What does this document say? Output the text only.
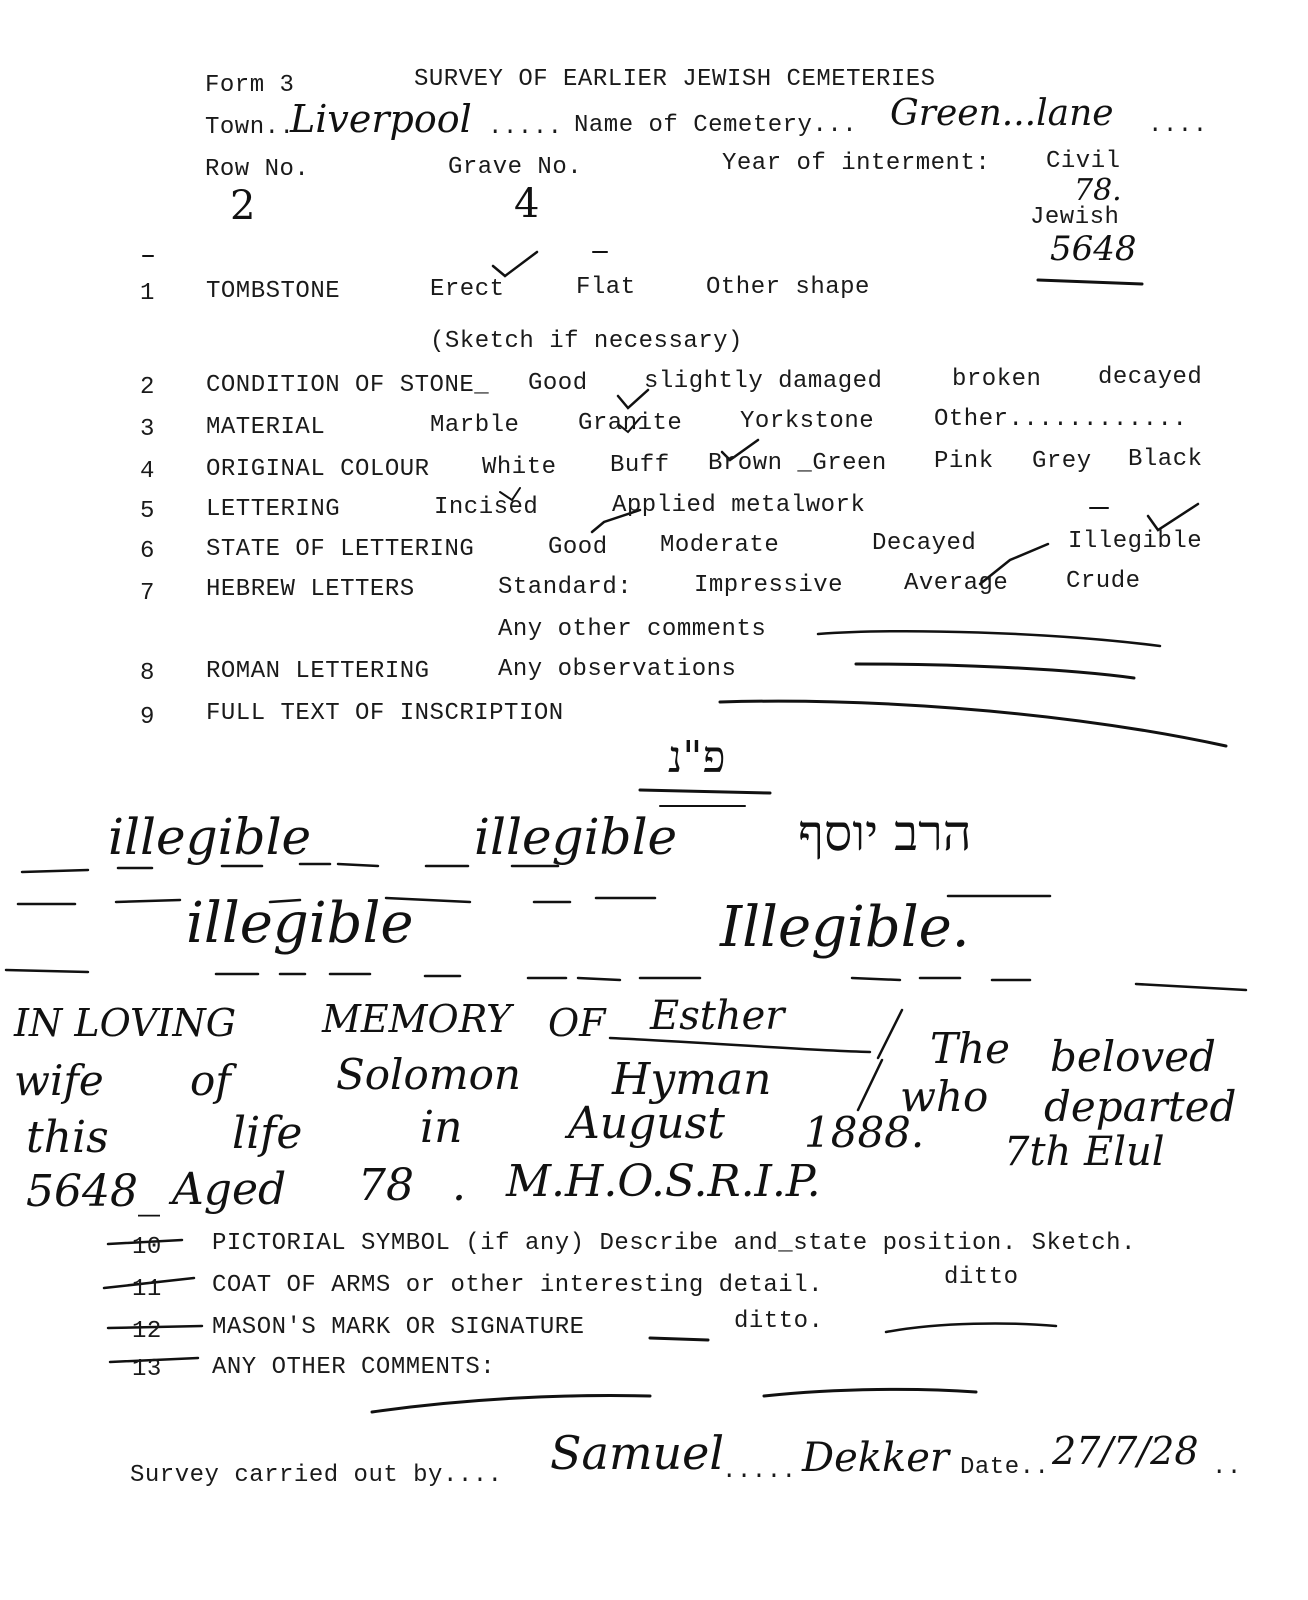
Form 3	SURVEY OF EARLIER JEWISH CEMETERIES
Town..
Liverpool ..... Name of Cemetery... Green...lane ....
Row No.
2
Grave No.
4
Year of interment: Civil
78.
Jewish
5648
1 TOMBSTONE	Erect	Flat	Other shape
(Sketch if necessary)
2 CONDITION OF STONE_ Good slightly damaged	broken decayed
3 MATERIAL	Marble Granite Yorkstone Other............
4 ORIGINAL COLOUR White Buff Brown _Green Pink Grey Black
5 LETTERING	Incised	Applied metalwork
6 STATE OF LETTERING	Good Moderate	Decayed	Illegible
7 HEBREW LETTERS	Standard:	Impressive	Average Crude
Any other comments
8 ROMAN LETTERING	Any observations
9 FULL TEXT OF INSCRIPTION
פ"נ
illegible	illegible הרב יוסף
illegible	Illegible.
IN LOVING MEMORY OF Esther
The beloved
wife of	Solomon Hyman	who departed
this	life	in August 1888. 7th Elul
5648_ Aged 78 . M.H.O.S.R.I.P.
10 PICTORIAL SYMBOL (if any) Describe and_state position. Sketch.
11 COAT OF ARMS or other interesting detail.	ditto
12 MASON'S MARK OR SIGNATURE	ditto.
13 ANY OTHER COMMENTS:
Survey carried out by.... Samuel
..... Dekker Date.. 27/7/28 ..
